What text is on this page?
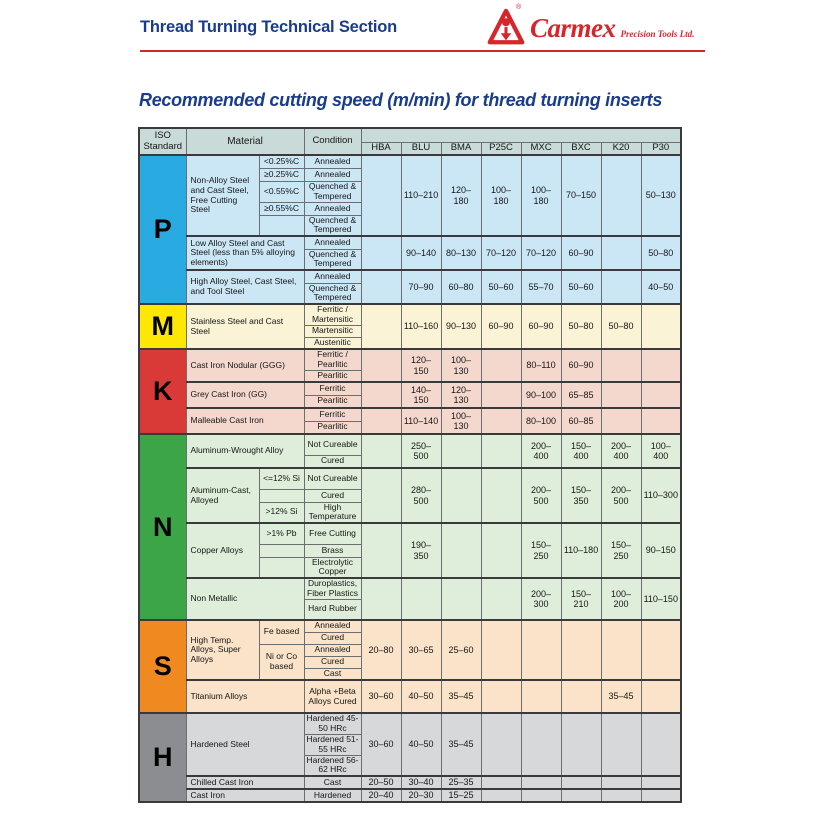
Thread Turning Technical Section	Carmex Precision Tools Ltd.
®
Recommended cutting speed (m/min) for thread turning inserts
ISO Standard	Material		Condition								
				HBA	BLU	BMA	P25C	MXC	BXC	K20	P30
P	Non-Alloy Steel and Cast Steel, Free Cutting Steel	<0.25%C	Annealed		110–210	120–180	100–180	100–180	70–150		50–130
		≥0.25%C	Annealed								
		<0.55%C	Quenched & Tempered								
		≥0.55%C	Annealed								
			Quenched & Tempered								
	Low Alloy Steel and Cast Steel (less than 5% alloying elements)		Annealed		90–140	80–130	70–120	70–120	60–90		50–80
			Quenched & Tempered								
	High Alloy Steel, Cast Steel, and Tool Steel		Annealed		70–90	60–80	50–60	55–70	50–60		40–50
			Quenched & Tempered								
M	Stainless Steel and Cast Steel		Ferritic / Martensitic		110–160	90–130	60–90	60–90	50–80	50–80	
			Martensitic								
			Austenitic								
K	Cast Iron Nodular (GGG)		Ferritic / Pearlitic		120–150	100–130		80–110	60–90		
			Pearlitic								
	Grey Cast Iron (GG)		Ferritic		140–150	120–130		90–100	65–85		
			Pearlitic								
	Malleable Cast Iron		Ferritic		110–140	100–130		80–100	60–85		
			Pearlitic								
N	Aluminum-Wrought Alloy		Not Cureable		250–500			200–400	150–400	200–400	100–400
			Cured								
	Aluminum-Cast, Alloyed	<=12% Si	Not Cureable		280–500			200–500	150–350	200–500	110–300
			Cured								
		>12% Si	High Temperature								
	Copper Alloys	>1% Pb	Free Cutting		190–350			150–250	110–180	150–250	90–150
			Brass								
			Electrolytic Copper								
	Non Metallic		Duroplastics, Fiber Plastics					200–300	150–210	100–200	110–150
			Hard Rubber								
S	High Temp. Alloys, Super Alloys	Fe based	Annealed	20–80	30–65	25–60					
			Cured								
		Ni or Co based	Annealed								
			Cured								
			Cast								
	Titanium Alloys		Alpha +Beta Alloys Cured	30–60	40–50	35–45				35–45	
H	Hardened Steel		Hardened 45-50 HRc	30–60	40–50	35–45					
			Hardened 51-55 HRc								
			Hardened 56-62 HRc								
	Chilled Cast Iron		Cast	20–50	30–40	25–35					
	Cast Iron		Hardened	20–40	20–30	15–25					
